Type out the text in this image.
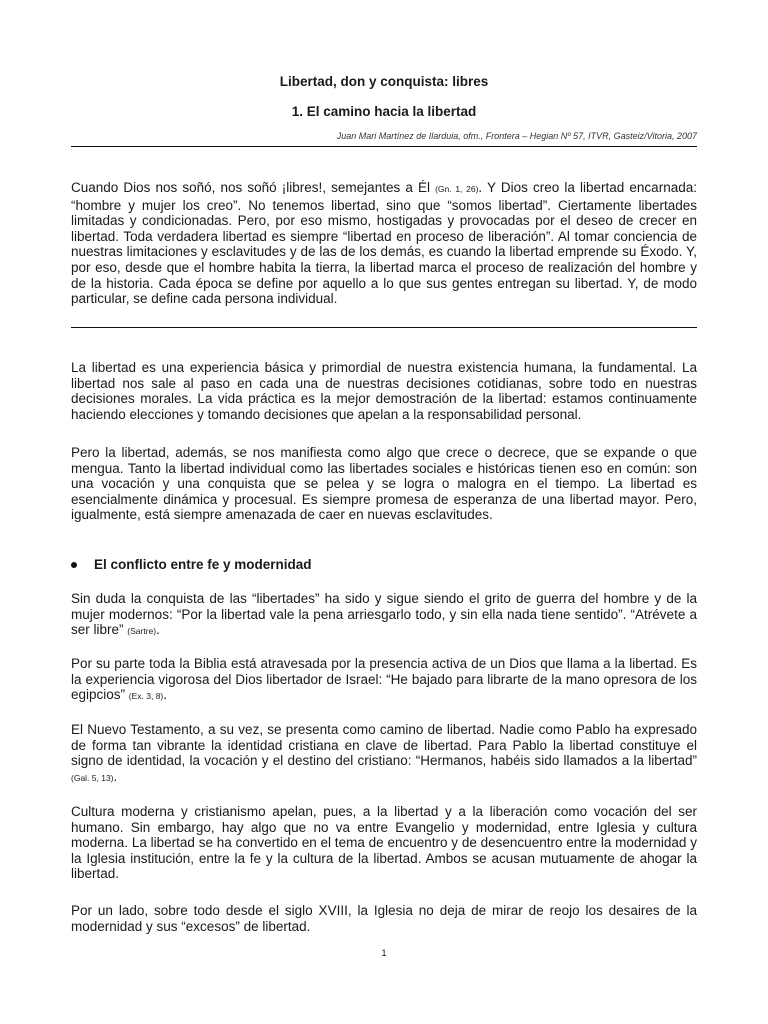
Libertad, don y conquista: libres
1. El camino hacia la libertad
Juan Mari Martínez de Ilarduia, ofm., Frontera – Hegian Nº 57, ITVR, Gasteiz/Vitoria, 2007

Cuando Dios nos soñó, nos soñó ¡libres!, semejantes a Él (Gn. 1, 26). Y Dios creo la libertad encarnada: “hombre y mujer los creo”. No tenemos libertad, sino que “somos libertad”. Ciertamente libertades limitadas y condicionadas. Pero, por eso mismo, hostigadas y provocadas por el deseo de crecer en libertad. Toda verdadera libertad es siempre “libertad en proceso de liberación”. Al tomar conciencia de nuestras limitaciones y esclavitudes y de las de los demás, es cuando la libertad emprende su Éxodo. Y, por eso, desde que el hombre habita la tierra, la libertad marca el proceso de realización del hombre y de la historia. Cada época se define por aquello a lo que sus gentes entregan su libertad. Y, de modo particular, se define cada persona individual.

La libertad es una experiencia básica y primordial de nuestra existencia humana, la fundamental. La libertad nos sale al paso en cada una de nuestras decisiones cotidianas, sobre todo en nuestras decisiones morales. La vida práctica es la mejor demostración de la libertad: estamos continuamente haciendo elecciones y tomando decisiones que apelan a la responsabilidad personal.

Pero la libertad, además, se nos manifiesta como algo que crece o decrece, que se expande o que mengua. Tanto la libertad individual como las libertades sociales e históricas tienen eso en común: son una vocación y una conquista que se pelea y se logra o malogra en el tiempo. La libertad es esencialmente dinámica y procesual. Es siempre promesa de esperanza de una libertad mayor. Pero, igualmente, está siempre amenazada de caer en nuevas esclavitudes.

El conflicto entre fe y modernidad

Sin duda la conquista de las “libertades” ha sido y sigue siendo el grito de guerra del hombre y de la mujer modernos: “Por la libertad vale la pena arriesgarlo todo, y sin ella nada tiene sentido”. “Atrévete a ser libre” (Sartre).

Por su parte toda la Biblia está atravesada por la presencia activa de un Dios que llama a la libertad. Es la experiencia vigorosa del Dios libertador de Israel: “He bajado para librarte de la mano opresora de los egipcios” (Ex. 3, 8).

El Nuevo Testamento, a su vez, se presenta como camino de libertad. Nadie como Pablo ha expresado de forma tan vibrante la identidad cristiana en clave de libertad. Para Pablo la libertad constituye el signo de identidad, la vocación y el destino del cristiano: “Hermanos, habéis sido llamados a la libertad” (Gal. 5, 13).

Cultura moderna y cristianismo apelan, pues, a la libertad y a la liberación como vocación del ser humano. Sin embargo, hay algo que no va entre Evangelio y modernidad, entre Iglesia y cultura moderna. La libertad se ha convertido en el tema de encuentro y de desencuentro entre la modernidad y la Iglesia institución, entre la fe y la cultura de la libertad. Ambos se acusan mutuamente de ahogar la libertad.

Por un lado, sobre todo desde el siglo XVIII, la Iglesia no deja de mirar de reojo los desaires de la modernidad y sus “excesos” de libertad.

1
